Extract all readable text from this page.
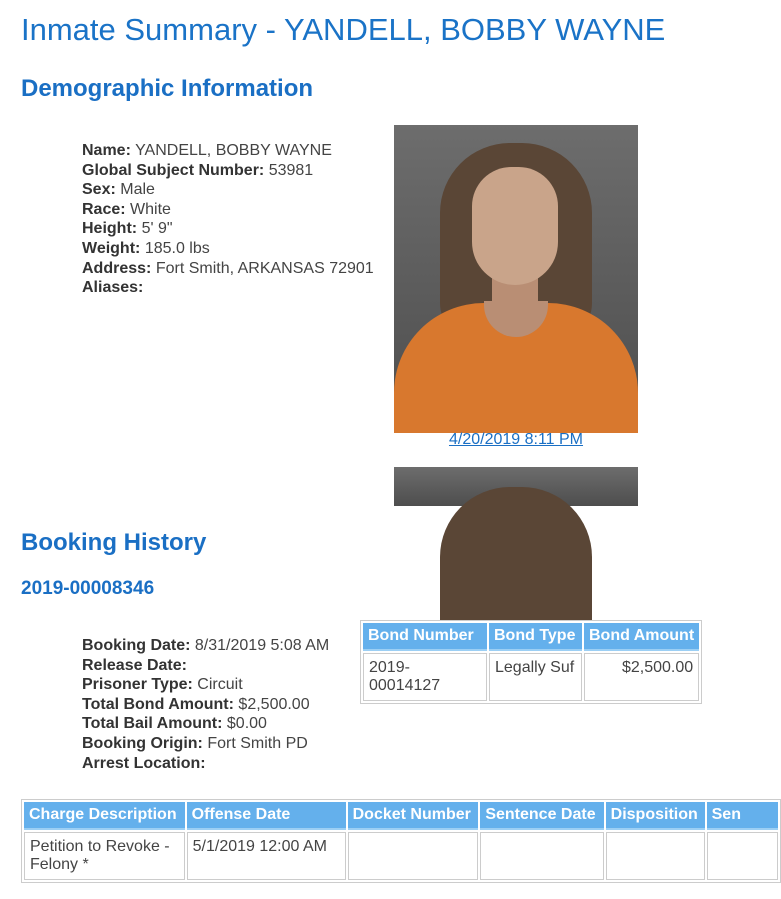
Inmate Summary - YANDELL, BOBBY WAYNE
Demographic Information
Name: YANDELL, BOBBY WAYNE
Global Subject Number: 53981
Sex: Male
Race: White
Height: 5' 9"
Weight: 185.0 lbs
Address: Fort Smith, ARKANSAS 72901
Aliases:
4/20/2019 8:11 PM
Booking History
2019-00008346
Booking Date: 8/31/2019 5:08 AM
Release Date:
Prisoner Type: Circuit
Total Bond Amount: $2,500.00
Total Bail Amount: $0.00
Booking Origin: Fort Smith PD
Arrest Location:
Bond Number	Bond Type	Bond Amount
2019-00014127	Legally Suf	$2,500.00
Charge Description	Offense Date	Docket Number	Sentence Date	Disposition	Sen
Petition to Revoke - Felony *	5/1/2019 12:00 AM				
